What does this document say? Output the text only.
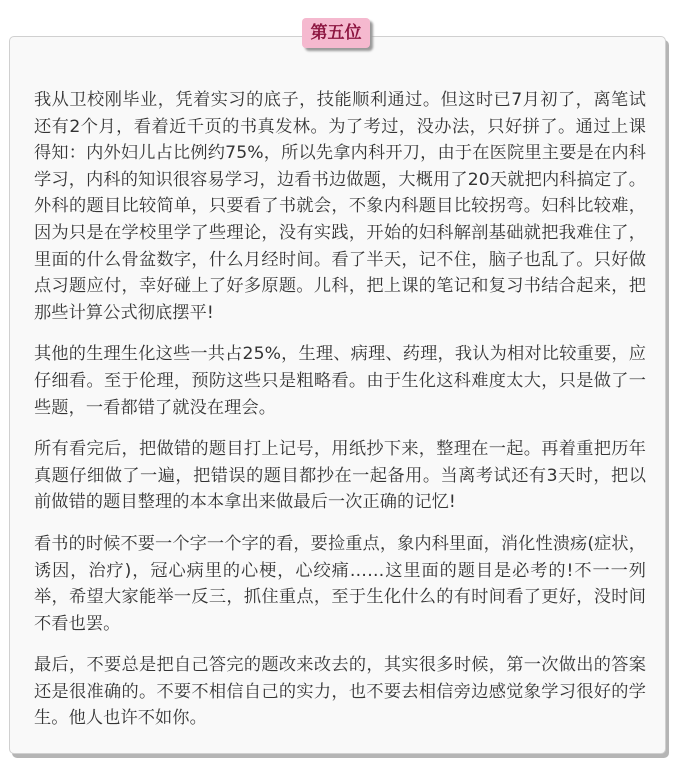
第五位

我从卫校刚毕业，凭着实习的底子，技能顺利通过。但这时已7月初了，离笔试还有2个月，看着近千页的书真发林。为了考过，没办法，只好拼了。通过上课得知：内外妇儿占比例约75%，所以先拿内科开刀，由于在医院里主要是在内科学习，内科的知识很容易学习，边看书边做题，大概用了20天就把内科搞定了。外科的题目比较简单，只要看了书就会，不象内科题目比较拐弯。妇科比较难，因为只是在学校里学了些理论，没有实践，开始的妇科解剖基础就把我难住了，里面的什么骨盆数字，什么月经时间。看了半天，记不住，脑子也乱了。只好做点习题应付，幸好碰上了好多原题。儿科，把上课的笔记和复习书结合起来，把那些计算公式彻底摆平!

其他的生理生化这些一共占25%，生理、病理、药理，我认为相对比较重要，应仔细看。至于伦理，预防这些只是粗略看。由于生化这科难度太大，只是做了一些题，一看都错了就没在理会。

所有看完后，把做错的题目打上记号，用纸抄下来，整理在一起。再着重把历年真题仔细做了一遍，把错误的题目都抄在一起备用。当离考试还有3天时，把以前做错的题目整理的本本拿出来做最后一次正确的记忆!

看书的时候不要一个字一个字的看，要捡重点，象内科里面，消化性溃疡(症状，诱因，治疗)，冠心病里的心梗，心绞痛……这里面的题目是必考的!不一一列举，希望大家能举一反三，抓住重点，至于生化什么的有时间看了更好，没时间不看也罢。

最后，不要总是把自己答完的题改来改去的，其实很多时候，第一次做出的答案还是很准确的。不要不相信自己的实力，也不要去相信旁边感觉象学习很好的学生。他人也许不如你。
